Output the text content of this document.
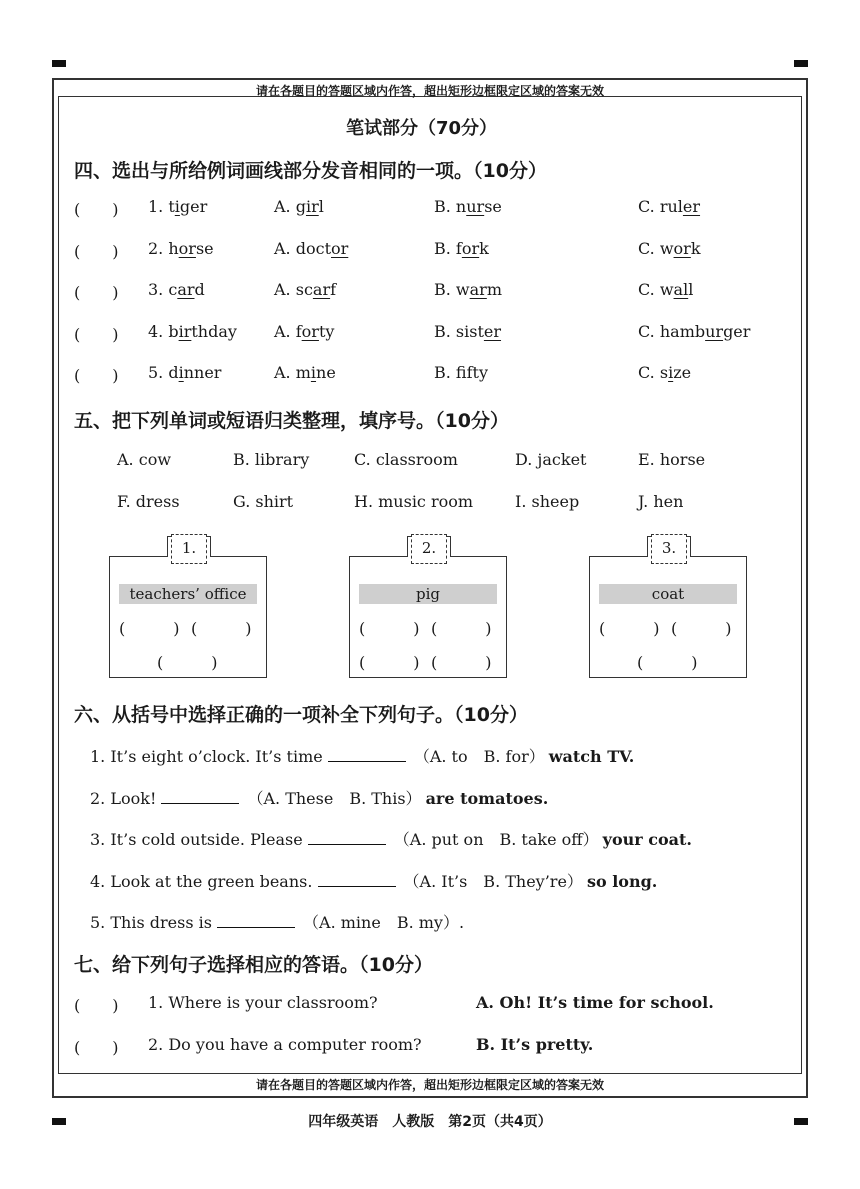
请在各题目的答题区域内作答，超出矩形边框限定区域的答案无效
笔试部分（70分）
四、选出与所给例词画线部分发音相同的一项。（10分）
(　　) 1. tiger	A. girl	B. nurse	C. ruler
(　　) 2. horse	A. doctor	B. fork	C. work
(　　) 3. card	A. scarf	B. warm	C. wall
(　　) 4. birthday A. forty	B. sister	C. hamburger
(　　) 5. dinner	A. mine	B. ffty	C. size
五、把下列单词或短语归类整理，填序号。（10分）
A. cow	B. library	C. classroom	D. jacket	E. horse
F. dress	G. shirt	H. music room	I. sheep	J. hen
1.
teachers’ office
(　　　) (　　　)
(　　　)
2.
pig
(　　　) (　　　)
(　　　) (　　　)
3.
coat
(　　　) (　　　)
(　　　)
六、从括号中选择正确的一项补全下列句子。（10分）
1. It’s eight o’clock. It’s time	（A. to　B. for） watch TV.
2. Look!	（A. These　B. This） are tomatoes.
3. It’s cold outside. Please	（A. put on　B. take off） your coat.
4. Look at the green beans.	（A. It’s　B. They’re） so long.
5. This dress is	（A. mine　B. my）.
七、给下列句子选择相应的答语。（10分）
(　　) 1. Where is your classroom?	A. Oh! It’s time for school.
(　　) 2. Do you have a computer room?	B. It’s pretty.
请在各题目的答题区域内作答，超出矩形边框限定区域的答案无效
四年级英语　人教版　第2页（共4页）
